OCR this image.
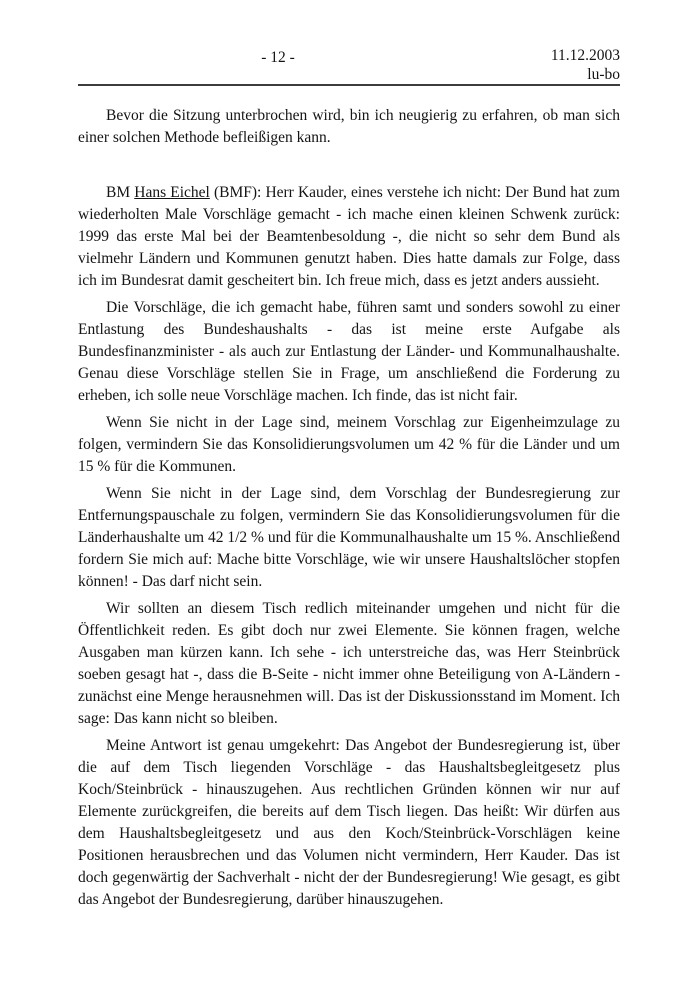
- 12 -	11.12.2003
lu-bo

Bevor die Sitzung unterbrochen wird, bin ich neugierig zu erfahren, ob man sich einer solchen Methode befleißigen kann.

BM Hans Eichel (BMF): Herr Kauder, eines verstehe ich nicht: Der Bund hat zum wiederholten Male Vorschläge gemacht - ich mache einen kleinen Schwenk zurück: 1999 das erste Mal bei der Beamtenbesoldung -, die nicht so sehr dem Bund als vielmehr Ländern und Kommunen genutzt haben. Dies hatte damals zur Folge, dass ich im Bundesrat damit gescheitert bin. Ich freue mich, dass es jetzt anders aussieht.

Die Vorschläge, die ich gemacht habe, führen samt und sonders sowohl zu einer Entlastung des Bundeshaushalts - das ist meine erste Aufgabe als Bundesfinanzminister - als auch zur Entlastung der Länder- und Kommunalhaushalte. Genau diese Vorschläge stellen Sie in Frage, um anschließend die Forderung zu erheben, ich solle neue Vorschläge machen. Ich finde, das ist nicht fair.

Wenn Sie nicht in der Lage sind, meinem Vorschlag zur Eigenheimzulage zu folgen, vermindern Sie das Konsolidierungsvolumen um 42 % für die Länder und um 15 % für die Kommunen.

Wenn Sie nicht in der Lage sind, dem Vorschlag der Bundesregierung zur Entfernungspauschale zu folgen, vermindern Sie das Konsolidierungsvolumen für die Länderhaushalte um 42 1/2 % und für die Kommunalhaushalte um 15 %. Anschließend fordern Sie mich auf: Mache bitte Vorschläge, wie wir unsere Haushaltslöcher stopfen können! - Das darf nicht sein.

Wir sollten an diesem Tisch redlich miteinander umgehen und nicht für die Öffentlichkeit reden. Es gibt doch nur zwei Elemente. Sie können fragen, welche Ausgaben man kürzen kann. Ich sehe - ich unterstreiche das, was Herr Steinbrück soeben gesagt hat -, dass die B-Seite - nicht immer ohne Beteiligung von A-Ländern - zunächst eine Menge herausnehmen will. Das ist der Diskussionsstand im Moment. Ich sage: Das kann nicht so bleiben.

Meine Antwort ist genau umgekehrt: Das Angebot der Bundesregierung ist, über die auf dem Tisch liegenden Vorschläge - das Haushaltsbegleitgesetz plus Koch/Steinbrück - hinauszugehen. Aus rechtlichen Gründen können wir nur auf Elemente zurückgreifen, die bereits auf dem Tisch liegen. Das heißt: Wir dürfen aus dem Haushaltsbegleitgesetz und aus den Koch/Steinbrück-Vorschlägen keine Positionen herausbrechen und das Volumen nicht vermindern, Herr Kauder. Das ist doch gegenwärtig der Sachverhalt - nicht der der Bundesregierung! Wie gesagt, es gibt das Angebot der Bundesregierung, darüber hinauszugehen.
